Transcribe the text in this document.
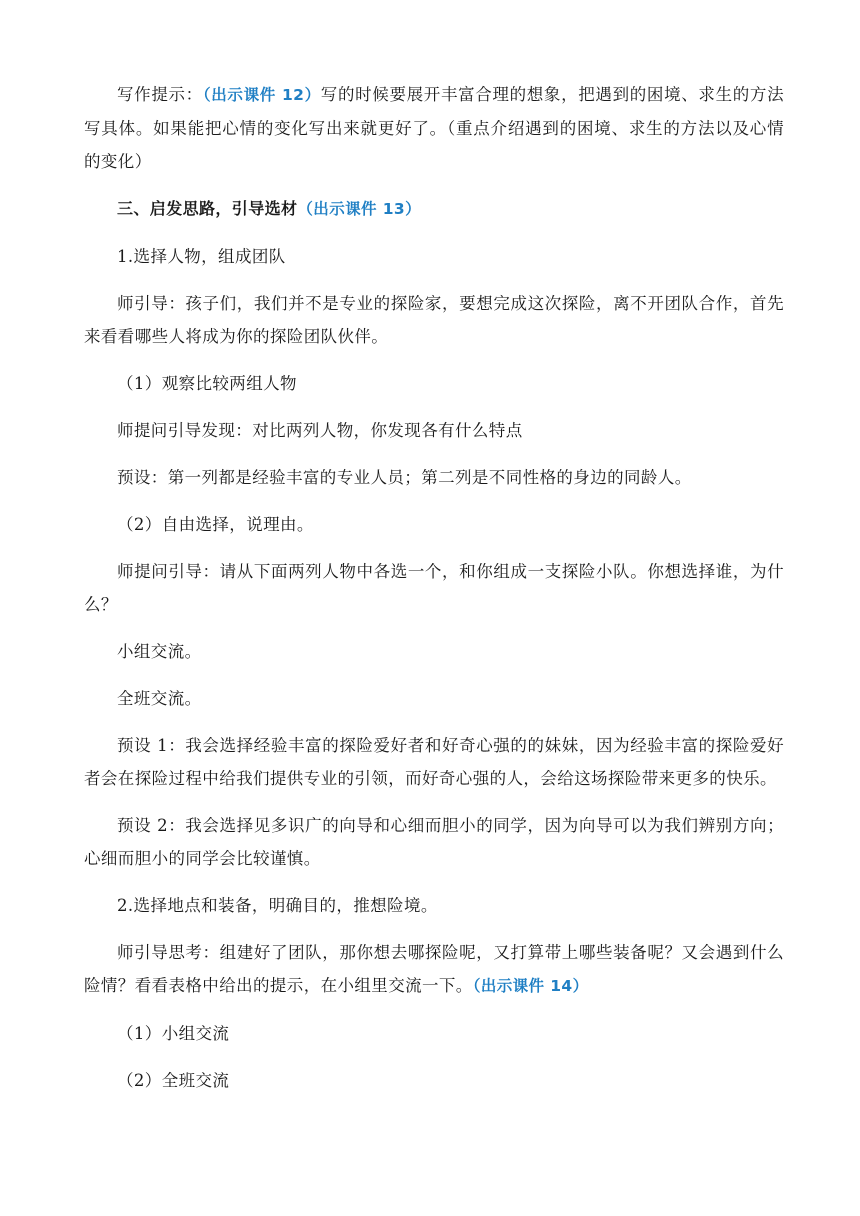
写作提示：（出示课件 12）写的时候要展开丰富合理的想象，把遇到的困境、求生的方法写具体。如果能把心情的变化写出来就更好了。（重点介绍遇到的困境、求生的方法以及心情的变化）

三、启发思路，引导选材（出示课件 13）

1.选择人物，组成团队

师引导：孩子们，我们并不是专业的探险家，要想完成这次探险，离不开团队合作，首先来看看哪些人将成为你的探险团队伙伴。

（1）观察比较两组人物

师提问引导发现：对比两列人物，你发现各有什么特点

预设：第一列都是经验丰富的专业人员；第二列是不同性格的身边的同龄人。

（2）自由选择，说理由。

师提问引导：请从下面两列人物中各选一个，和你组成一支探险小队。你想选择谁，为什么？

小组交流。

全班交流。

预设 1：我会选择经验丰富的探险爱好者和好奇心强的的妹妹，因为经验丰富的探险爱好者会在探险过程中给我们提供专业的引领，而好奇心强的人，会给这场探险带来更多的快乐。

预设 2：我会选择见多识广的向导和心细而胆小的同学，因为向导可以为我们辨别方向；心细而胆小的同学会比较谨慎。

2.选择地点和装备，明确目的，推想险境。

师引导思考：组建好了团队，那你想去哪探险呢，又打算带上哪些装备呢？又会遇到什么险情？看看表格中给出的提示，在小组里交流一下。（出示课件 14）

（1）小组交流

（2）全班交流
